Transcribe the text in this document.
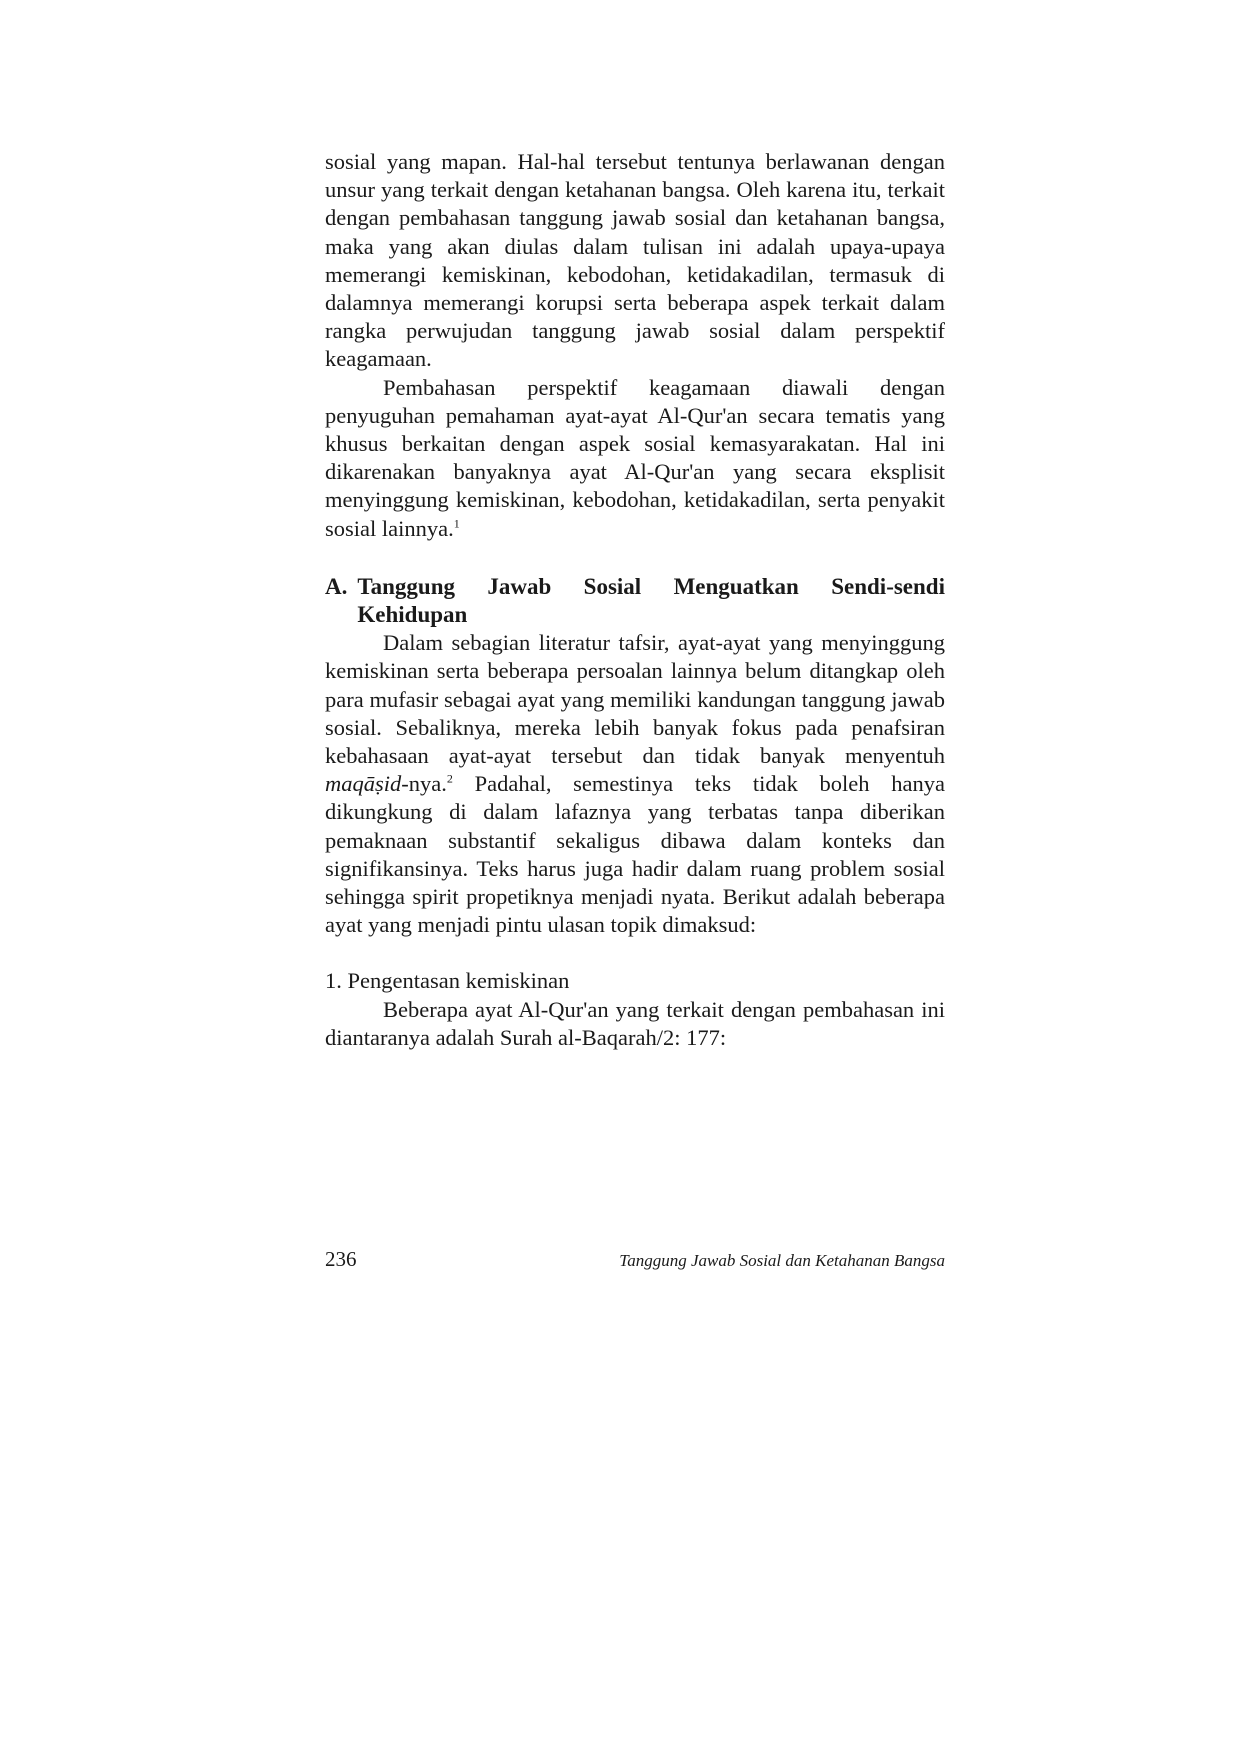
sosial yang mapan. Hal-hal tersebut tentunya berlawanan dengan unsur yang terkait dengan ketahanan bangsa. Oleh karena itu, terkait dengan pembahasan tanggung jawab sosial dan ketahanan bangsa, maka yang akan diulas dalam tulisan ini adalah upaya-upaya memerangi kemiskinan, kebodohan, ketidakadilan, termasuk di dalamnya memerangi korupsi serta beberapa aspek terkait dalam rangka perwujudan tanggung jawab sosial dalam perspektif keagamaan.

Pembahasan perspektif keagamaan diawali dengan penyuguhan pemahaman ayat-ayat Al-Qur'an secara tematis yang khusus berkaitan dengan aspek sosial kemasyarakatan. Hal ini dikarenakan banyaknya ayat Al-Qur'an yang secara eksplisit menyinggung kemiskinan, kebodohan, ketidakadilan, serta penyakit sosial lainnya.$^1$

A. Tanggung Jawab Sosial Menguatkan Sendi-sendi Kehidupan

Dalam sebagian literatur tafsir, ayat-ayat yang menyinggung kemiskinan serta beberapa persoalan lainnya belum ditangkap oleh para mufasir sebagai ayat yang memiliki kandungan tanggung jawab sosial. Sebaliknya, mereka lebih banyak fokus pada penafsiran kebahasaan ayat-ayat tersebut dan tidak banyak menyentuh maqāṣid-nya.$^2$ Padahal, semestinya teks tidak boleh hanya dikungkung di dalam lafaznya yang terbatas tanpa diberikan pemaknaan substantif sekaligus dibawa dalam konteks dan signifikansinya. Teks harus juga hadir dalam ruang problem sosial sehingga spirit propetiknya menjadi nyata. Berikut adalah beberapa ayat yang menjadi pintu ulasan topik dimaksud:

1. Pengentasan kemiskinan

Beberapa ayat Al-Qur'an yang terkait dengan pembahasan ini diantaranya adalah Surah al-Baqarah/2: 177:

236	Tanggung Jawab Sosial dan Ketahanan Bangsa
